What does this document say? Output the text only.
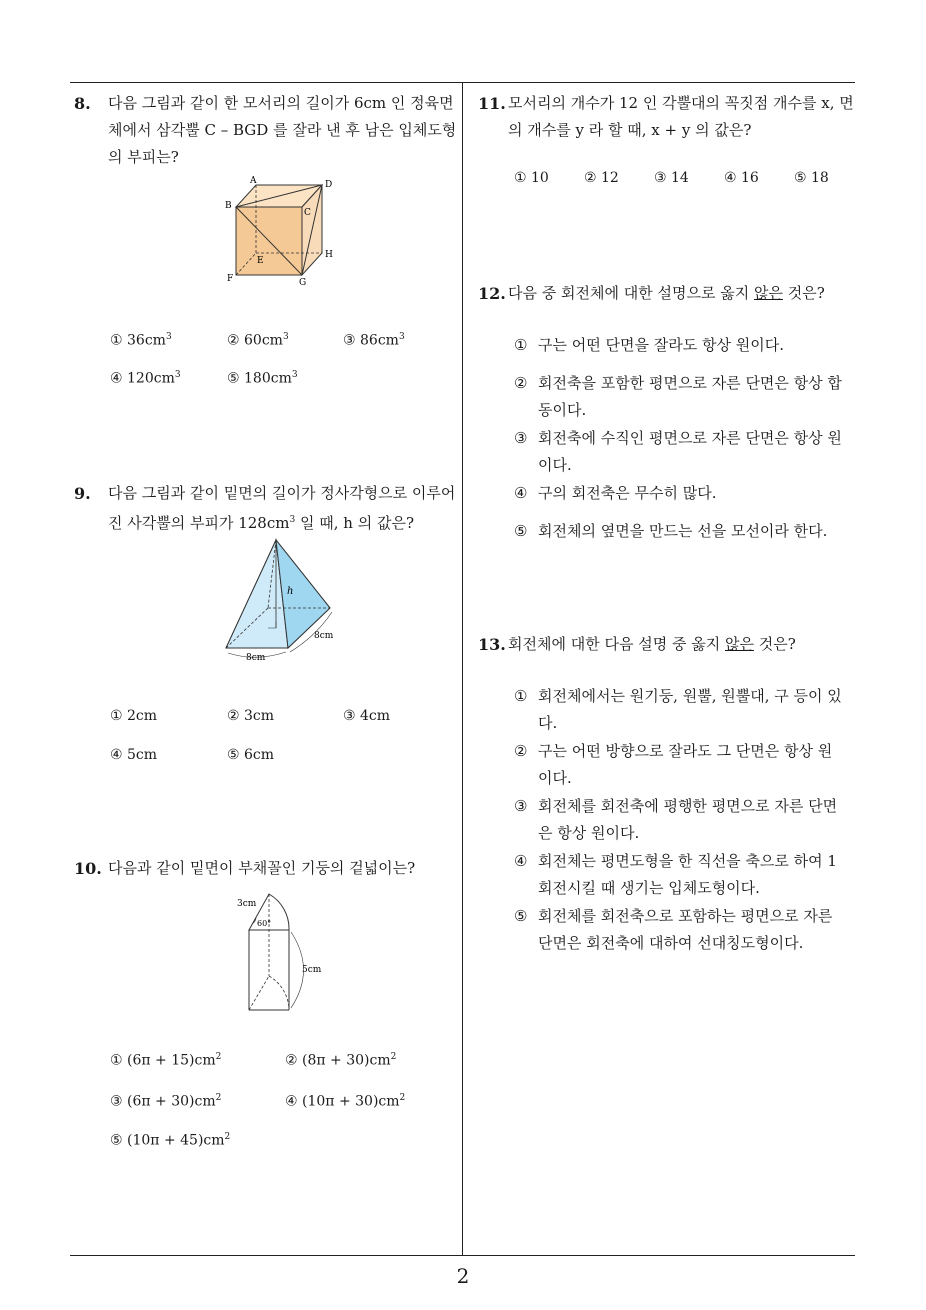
8. 다음 그림과 같이 한 모서리의 길이가 6cm 인 정육면
체에서 삼각뿔 C – BGD 를 잘라 낸 후 남은 입체도형
의 부피는?
A	D
B
C
E
H
F	G
① $36cm^3$	② $60cm^3$	③ $86cm^3$
④ $120cm^3$	⑤ $180cm^3$
9. 다음 그림과 같이 밑면의 길이가 정사각형으로 이루어
진 사각뿔의 부피가 $128cm^3$ 일 때, h 의 값은?
h
8cm
8cm
① 2cm	② 3cm	③ 4cm
④ 5cm	⑤ 6cm
10. 다음과 같이 밑면이 부채꼴인 기둥의 겉넓이는?
3cm
60°
5cm
① $(6\pi + 15)cm^2$	② $(8\pi + 30)cm^2$
③ $(6\pi + 30)cm^2$	④ $(10\pi + 30)cm^2$
⑤ $(10\pi + 45)cm^2$
11. 모서리의 개수가 12 인 각뿔대의 꼭짓점 개수를 x, 면
의 개수를 y 라 할 때, x + y 의 값은?
① 10	② 12	③ 14	④ 16	⑤ 18
12. 다음 중 회전체에 대한 설명으로 옳지 않은 것은?
① 구는 어떤 단면을 잘라도 항상 원이다.
② 회전축을 포함한 평면으로 자른 단면은 항상 합
동이다.
③ 회전축에 수직인 평면으로 자른 단면은 항상 원
이다.
④ 구의 회전축은 무수히 많다.
⑤ 회전체의 옆면을 만드는 선을 모선이라 한다.
13. 회전체에 대한 다음 설명 중 옳지 않은 것은?
① 회전체에서는 원기둥, 원뿔, 원뿔대, 구 등이 있
다.
② 구는 어떤 방향으로 잘라도 그 단면은 항상 원
이다.
③ 회전체를 회전축에 평행한 평면으로 자른 단면
은 항상 원이다.
④ 회전체는 평면도형을 한 직선을 축으로 하여 1
회전시킬 때 생기는 입체도형이다.
⑤ 회전체를 회전축으로 포함하는 평면으로 자른
단면은 회전축에 대하여 선대칭도형이다.
2
